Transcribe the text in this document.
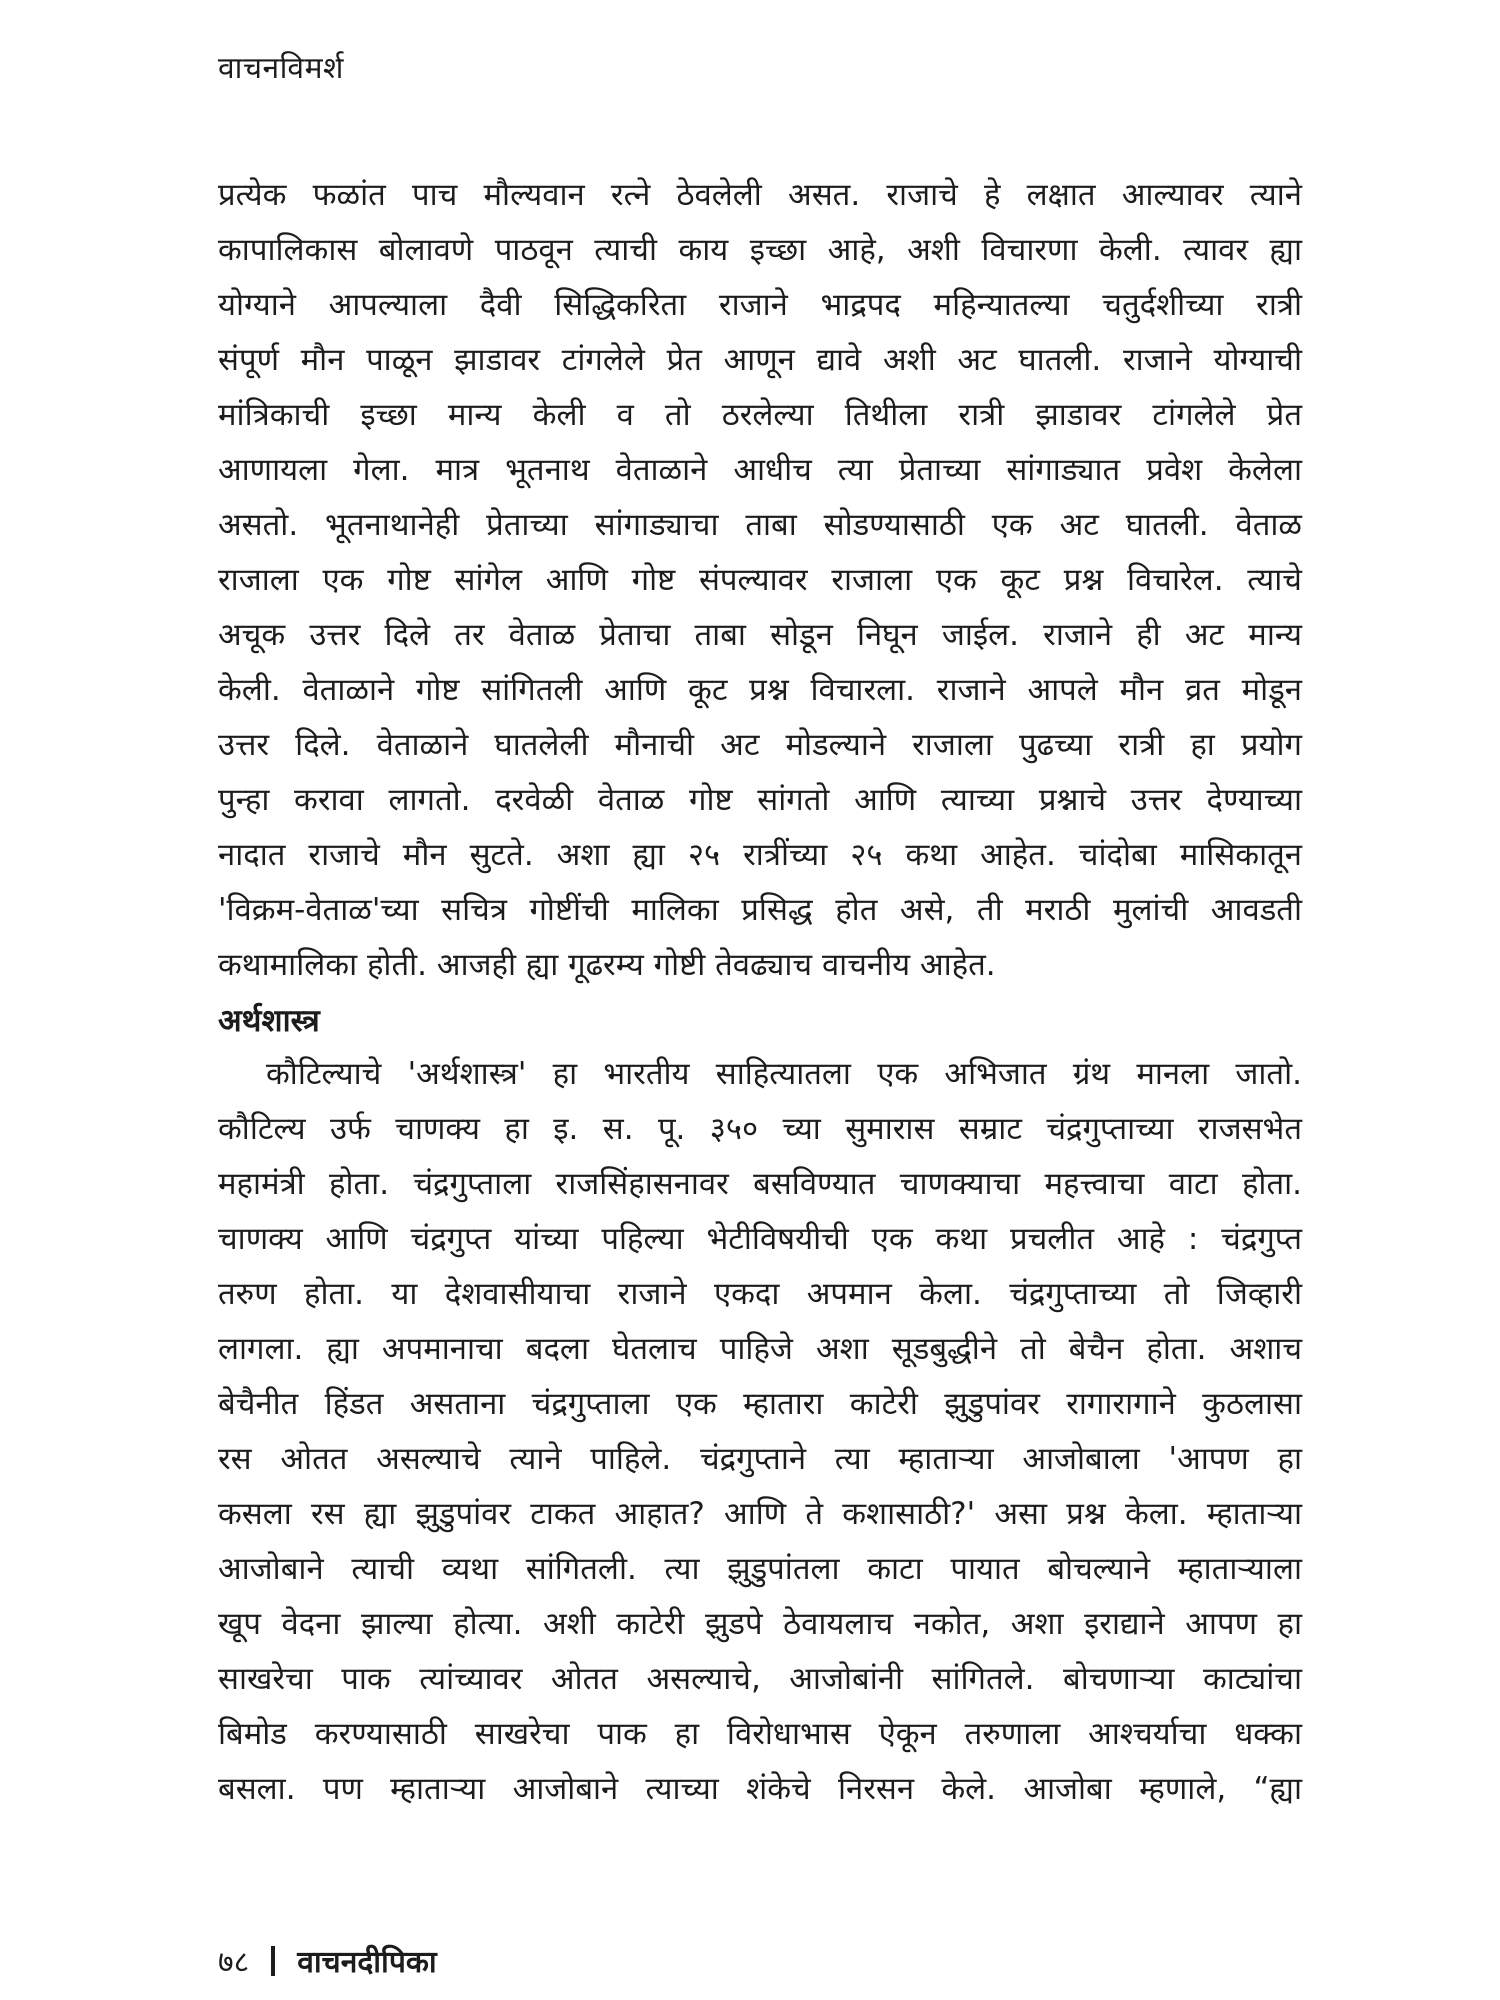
वाचनविमर्श
प्रत्येक फळांत पाच मौल्यवान रत्ने ठेवलेली असत. राजाचे हे लक्षात आल्यावर त्याने
कापालिकास बोलावणे पाठवून त्याची काय इच्छा आहे, अशी विचारणा केली. त्यावर ह्या
योग्याने आपल्याला दैवी सिद्धिकरिता राजाने भाद्रपद महिन्यातल्या चतुर्दशीच्या रात्री
संपूर्ण मौन पाळून झाडावर टांगलेले प्रेत आणून द्यावे अशी अट घातली. राजाने योग्याची
मांत्रिकाची इच्छा मान्य केली व तो ठरलेल्या तिथीला रात्री झाडावर टांगलेले प्रेत
आणायला गेला. मात्र भूतनाथ वेताळाने आधीच त्या प्रेताच्या सांगाड्यात प्रवेश केलेला
असतो. भूतनाथानेही प्रेताच्या सांगाड्याचा ताबा सोडण्यासाठी एक अट घातली. वेताळ
राजाला एक गोष्ट सांगेल आणि गोष्ट संपल्यावर राजाला एक कूट प्रश्न विचारेल. त्याचे
अचूक उत्तर दिले तर वेताळ प्रेताचा ताबा सोडून निघून जाईल. राजाने ही अट मान्य
केली. वेताळाने गोष्ट सांगितली आणि कूट प्रश्न विचारला. राजाने आपले मौन व्रत मोडून
उत्तर दिले. वेताळाने घातलेली मौनाची अट मोडल्याने राजाला पुढच्या रात्री हा प्रयोग
पुन्हा करावा लागतो. दरवेळी वेताळ गोष्ट सांगतो आणि त्याच्या प्रश्नाचे उत्तर देण्याच्या
नादात राजाचे मौन सुटते. अशा ह्या २५ रात्रींच्या २५ कथा आहेत. चांदोबा मासिकातून
'विक्रम-वेताळ'च्या सचित्र गोष्टींची मालिका प्रसिद्ध होत असे, ती मराठी मुलांची आवडती
कथामालिका होती. आजही ह्या गूढरम्य गोष्टी तेवढ्याच वाचनीय आहेत.
अर्थशास्त्र
कौटिल्याचे 'अर्थशास्त्र' हा भारतीय साहित्यातला एक अभिजात ग्रंथ मानला जातो.
कौटिल्य उर्फ चाणक्य हा इ. स. पू. ३५० च्या सुमारास सम्राट चंद्रगुप्ताच्या राजसभेत
महामंत्री होता. चंद्रगुप्ताला राजसिंहासनावर बसविण्यात चाणक्याचा महत्त्वाचा वाटा होता.
चाणक्य आणि चंद्रगुप्त यांच्या पहिल्या भेटीविषयीची एक कथा प्रचलीत आहे : चंद्रगुप्त
तरुण होता. या देशवासीयाचा राजाने एकदा अपमान केला. चंद्रगुप्ताच्या तो जिव्हारी
लागला. ह्या अपमानाचा बदला घेतलाच पाहिजे अशा सूडबुद्धीने तो बेचैन होता. अशाच
बेचैनीत हिंडत असताना चंद्रगुप्ताला एक म्हातारा काटेरी झुडुपांवर रागारागाने कुठलासा
रस ओतत असल्याचे त्याने पाहिले. चंद्रगुप्ताने त्या म्हाताऱ्या आजोबाला 'आपण हा
कसला रस ह्या झुडुपांवर टाकत आहात? आणि ते कशासाठी?' असा प्रश्न केला. म्हाताऱ्या
आजोबाने त्याची व्यथा सांगितली. त्या झुडुपांतला काटा पायात बोचल्याने म्हाताऱ्याला
खूप वेदना झाल्या होत्या. अशी काटेरी झुडपे ठेवायलाच नकोत, अशा इराद्याने आपण हा
साखरेचा पाक त्यांच्यावर ओतत असल्याचे, आजोबांनी सांगितले. बोचणाऱ्या काट्यांचा
बिमोड करण्यासाठी साखरेचा पाक हा विरोधाभास ऐकून तरुणाला आश्चर्याचा धक्का
बसला. पण म्हाताऱ्या आजोबाने त्याच्या शंकेचे निरसन केले. आजोबा म्हणाले, “ह्या
७८ वाचनदीपिका
